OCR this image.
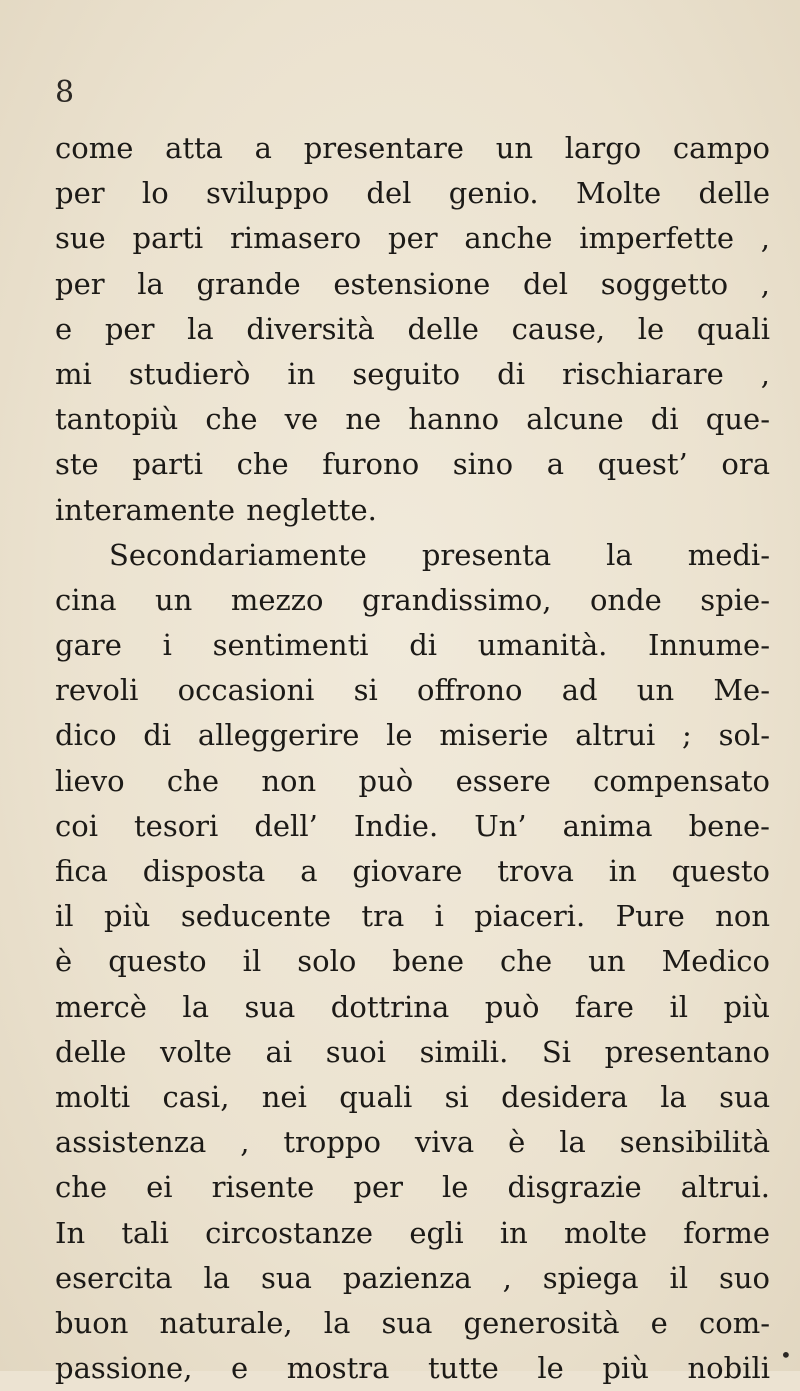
8
come atta a presentare un largo campo
per lo sviluppo del genio. Molte delle
sue parti rimasero per anche imperfette ,
per la grande estensione del soggetto ,
e per la diversità delle cause, le quali
mi studierò in seguito di rischiarare ,
tantopiù che ve ne hanno alcune di que-
ste parti che furono sino a quest’ ora
interamente neglette.
Secondariamente presenta la medi-
cina un mezzo grandissimo, onde spie-
gare i sentimenti di umanità. Innume-
revoli occasioni si offrono ad un Me-
dico di alleggerire le miserie altrui ; sol-
lievo che non può essere compensato
coi tesori dell’ Indie. Un’ anima bene-
fica disposta a giovare trova in questo
il più seducente tra i piaceri. Pure non
è questo il solo bene che un Medico
mercè la sua dottrina può fare il più
delle volte ai suoi simili. Si presentano
molti casi, nei quali si desidera la sua
assistenza , troppo viva è la sensibilità
che ei risente per le disgrazie altrui.
In tali circostanze egli in molte forme
esercita la sua pazienza , spiega il suo
buon naturale, la sua generosità e com-
passione, e mostra tutte le più nobili •
